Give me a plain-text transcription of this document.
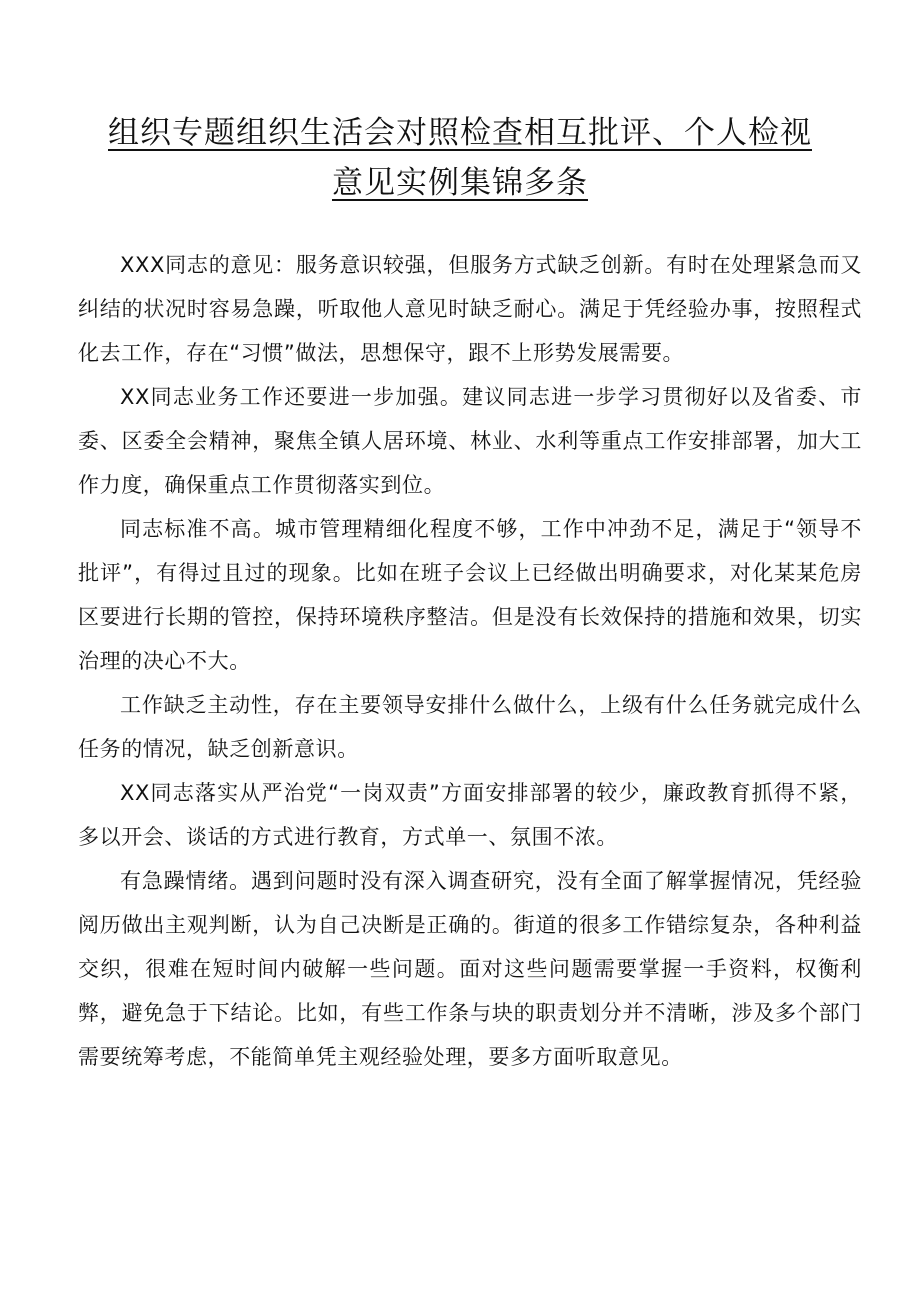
组织专题组织生活会对照检查相互批评、个人检视
意见实例集锦多条

XXX同志的意见：服务意识较强，但服务方式缺乏创新。有时在处理紧急而又纠结的状况时容易急躁，听取他人意见时缺乏耐心。满足于凭经验办事，按照程式化去工作，存在“习惯”做法，思想保守，跟不上形势发展需要。

XX同志业务工作还要进一步加强。建议同志进一步学习贯彻好以及省委、市委、区委全会精神，聚焦全镇人居环境、林业、水利等重点工作安排部署，加大工作力度，确保重点工作贯彻落实到位。

同志标准不高。城市管理精细化程度不够，工作中冲劲不足，满足于“领导不批评”，有得过且过的现象。比如在班子会议上已经做出明确要求，对化某某危房区要进行长期的管控，保持环境秩序整洁。但是没有长效保持的措施和效果，切实治理的决心不大。

工作缺乏主动性，存在主要领导安排什么做什么，上级有什么任务就完成什么任务的情况，缺乏创新意识。

XX同志落实从严治党“一岗双责”方面安排部署的较少，廉政教育抓得不紧，多以开会、谈话的方式进行教育，方式单一、氛围不浓。

有急躁情绪。遇到问题时没有深入调查研究，没有全面了解掌握情况，凭经验阅历做出主观判断，认为自己决断是正确的。街道的很多工作错综复杂，各种利益交织，很难在短时间内破解一些问题。面对这些问题需要掌握一手资料，权衡利弊，避免急于下结论。比如，有些工作条与块的职责划分并不清晰，涉及多个部门需要统筹考虑，不能简单凭主观经验处理，要多方面听取意见。
